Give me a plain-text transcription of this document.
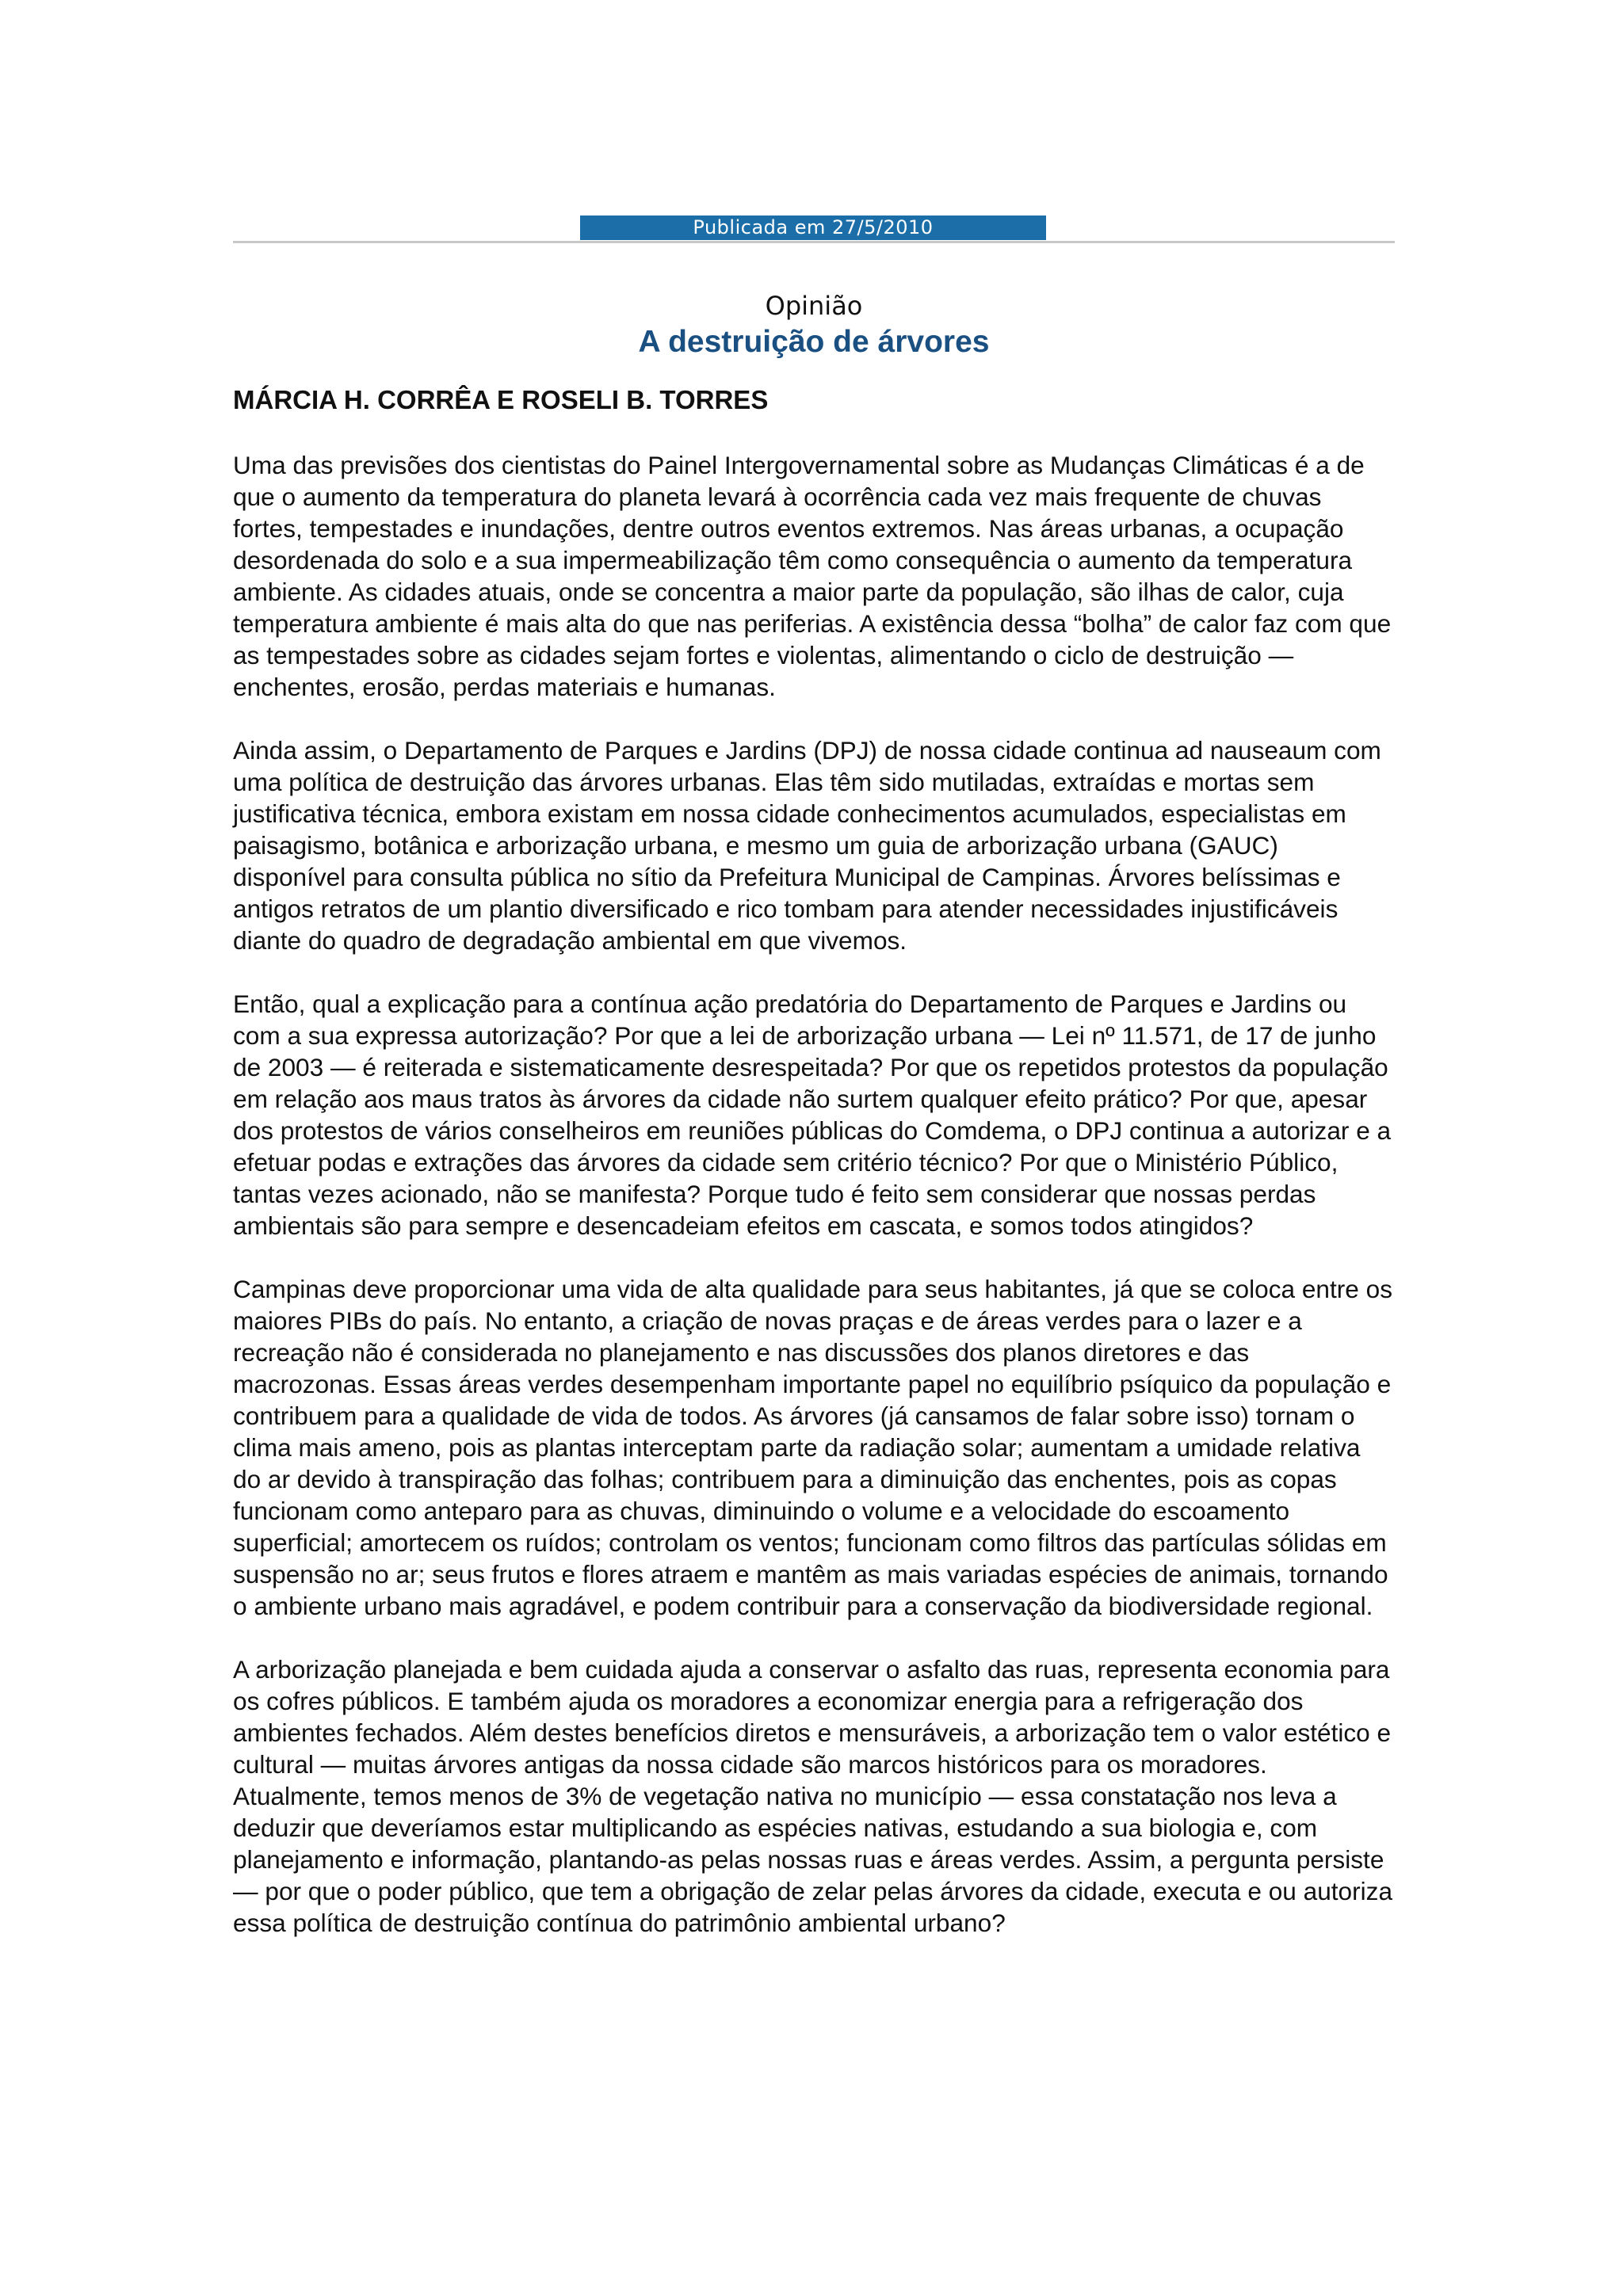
Publicada em 27/5/2010
Opinião
A destruição de árvores
MÁRCIA H. CORRÊA E ROSELI B. TORRES

Uma das previsões dos cientistas do Painel Intergovernamental sobre as Mudanças Climáticas é a de que o aumento da temperatura do planeta levará à ocorrência cada vez mais frequente de chuvas fortes, tempestades e inundações, dentre outros eventos extremos. Nas áreas urbanas, a ocupação desordenada do solo e a sua impermeabilização têm como consequência o aumento da temperatura ambiente. As cidades atuais, onde se concentra a maior parte da população, são ilhas de calor, cuja temperatura ambiente é mais alta do que nas periferias. A existência dessa “bolha” de calor faz com que as tempestades sobre as cidades sejam fortes e violentas, alimentando o ciclo de destruição — enchentes, erosão, perdas materiais e humanas.

Ainda assim, o Departamento de Parques e Jardins (DPJ) de nossa cidade continua ad nauseaum com uma política de destruição das árvores urbanas. Elas têm sido mutiladas, extraídas e mortas sem justificativa técnica, embora existam em nossa cidade conhecimentos acumulados, especialistas em paisagismo, botânica e arborização urbana, e mesmo um guia de arborização urbana (GAUC) disponível para consulta pública no sítio da Prefeitura Municipal de Campinas. Árvores belíssimas e antigos retratos de um plantio diversificado e rico tombam para atender necessidades injustificáveis diante do quadro de degradação ambiental em que vivemos.

Então, qual a explicação para a contínua ação predatória do Departamento de Parques e Jardins ou com a sua expressa autorização? Por que a lei de arborização urbana — Lei nº 11.571, de 17 de junho de 2003 — é reiterada e sistematicamente desrespeitada? Por que os repetidos protestos da população em relação aos maus tratos às árvores da cidade não surtem qualquer efeito prático? Por que, apesar dos protestos de vários conselheiros em reuniões públicas do Comdema, o DPJ continua a autorizar e a efetuar podas e extrações das árvores da cidade sem critério técnico? Por que o Ministério Público, tantas vezes acionado, não se manifesta? Porque tudo é feito sem considerar que nossas perdas ambientais são para sempre e desencadeiam efeitos em cascata, e somos todos atingidos?

Campinas deve proporcionar uma vida de alta qualidade para seus habitantes, já que se coloca entre os maiores PIBs do país. No entanto, a criação de novas praças e de áreas verdes para o lazer e a recreação não é considerada no planejamento e nas discussões dos planos diretores e das macrozonas. Essas áreas verdes desempenham importante papel no equilíbrio psíquico da população e contribuem para a qualidade de vida de todos. As árvores (já cansamos de falar sobre isso) tornam o clima mais ameno, pois as plantas interceptam parte da radiação solar; aumentam a umidade relativa do ar devido à transpiração das folhas; contribuem para a diminuição das enchentes, pois as copas funcionam como anteparo para as chuvas, diminuindo o volume e a velocidade do escoamento superficial; amortecem os ruídos; controlam os ventos; funcionam como filtros das partículas sólidas em suspensão no ar; seus frutos e flores atraem e mantêm as mais variadas espécies de animais, tornando o ambiente urbano mais agradável, e podem contribuir para a conservação da biodiversidade regional.

A arborização planejada e bem cuidada ajuda a conservar o asfalto das ruas, representa economia para os cofres públicos. E também ajuda os moradores a economizar energia para a refrigeração dos ambientes fechados. Além destes benefícios diretos e mensuráveis, a arborização tem o valor estético e cultural — muitas árvores antigas da nossa cidade são marcos históricos para os moradores. Atualmente, temos menos de 3% de vegetação nativa no município — essa constatação nos leva a deduzir que deveríamos estar multiplicando as espécies nativas, estudando a sua biologia e, com planejamento e informação, plantando-as pelas nossas ruas e áreas verdes. Assim, a pergunta persiste — por que o poder público, que tem a obrigação de zelar pelas árvores da cidade, executa e ou autoriza essa política de destruição contínua do patrimônio ambiental urbano?
